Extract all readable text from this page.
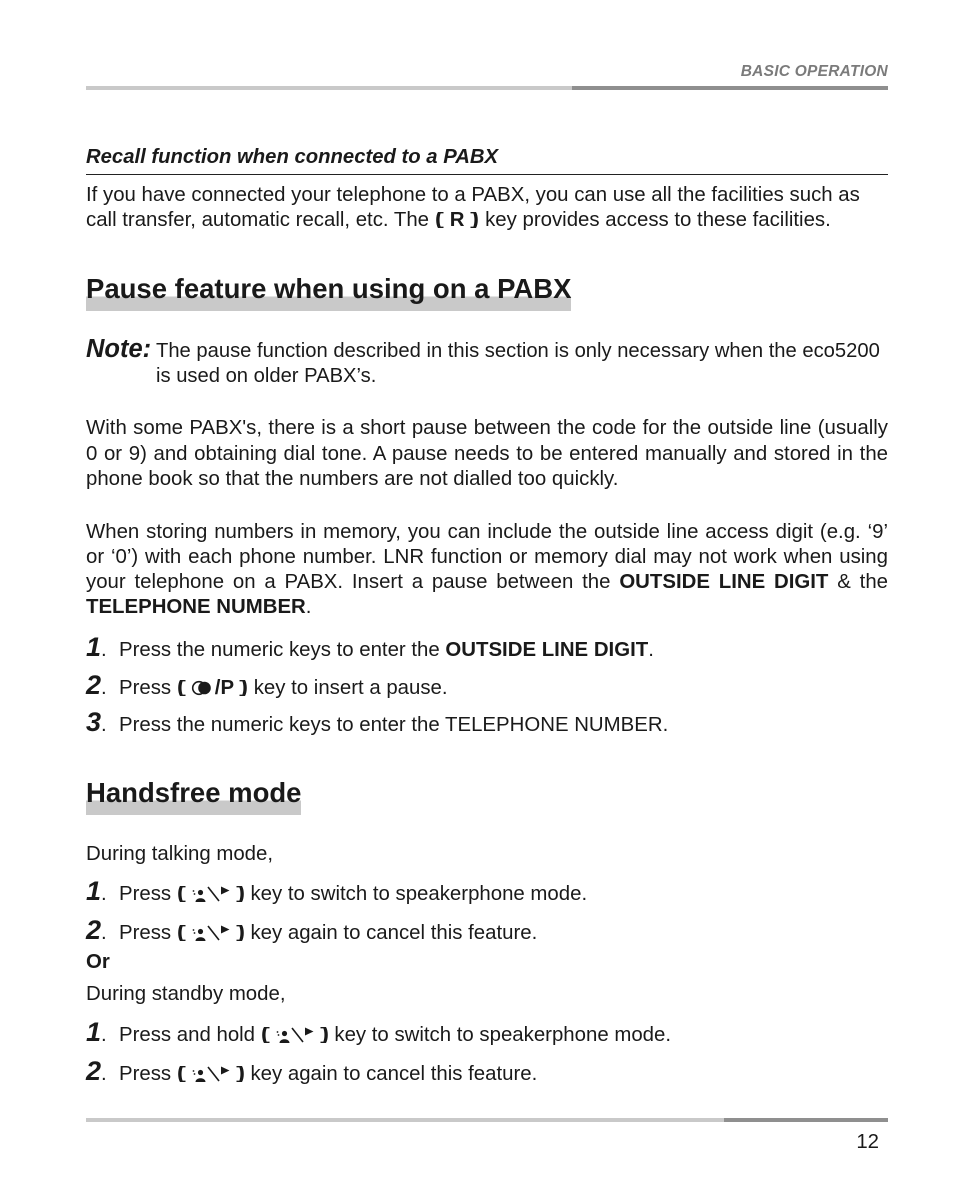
BASIC OPERATION
Recall function when connected to a PABX

If you have connected your telephone to a PABX, you can use all the facilities such as call transfer, automatic recall, etc. The R key provides access to these facilities.

Pause feature when using on a PABX
Note: The pause function described in this section is only necessary when the eco5200 is used on older PABX’s.

With some PABX's, there is a short pause between the code for the outside line (usually 0 or 9) and obtaining dial tone. A pause needs to be entered manually and stored in the phone book so that the numbers are not dialled too quickly.

When storing numbers in memory, you can include the outside line access digit (e.g. ‘9’ or ‘0’) with each phone number. LNR function or memory dial may not work when using your telephone on a PABX. Insert a pause between the OUTSIDE LINE DIGIT & the TELEPHONE NUMBER.

1. Press the numeric keys to enter the OUTSIDE LINE DIGIT.
2. Press /P key to insert a pause.
3. Press the numeric keys to enter the TELEPHONE NUMBER.
Handsfree mode
During talking mode,
1. Press	key to switch to speakerphone mode.
2. Press	key again to cancel this feature.
Or
During standby mode,
1. Press and hold	key to switch to speakerphone mode.
2. Press	key again to cancel this feature.
12
